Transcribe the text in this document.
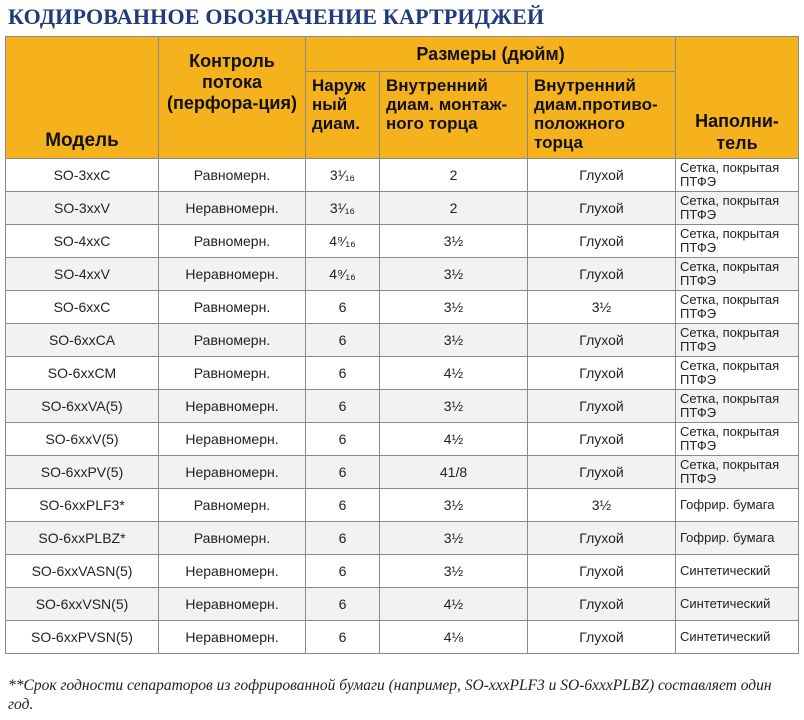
КОДИРОВАННОЕ ОБОЗНАЧЕНИЕ КАРТРИДЖЕЙ
Модель	Контроль потока (перфора-ция)	Размеры (дюйм)			Наполни-тель
		Наруж ный диам.	Внутренний диам. монтаж-ного торца	Внутренний диам.противо-положного торца	
SO-3xxC	Равномерн.	3¹⁄₁₆	2	Глухой	Сетка, покрытая ПТФЭ
SO-3xxV	Неравномерн.	3¹⁄₁₆	2	Глухой	Сетка, покрытая ПТФЭ
SO-4xxC	Равномерн.	4⁹⁄₁₆	3½	Глухой	Сетка, покрытая ПТФЭ
SO-4xxV	Неравномерн.	4⁹⁄₁₆	3½	Глухой	Сетка, покрытая ПТФЭ
SO-6xxC	Равномерн.	6	3½	3½	Сетка, покрытая ПТФЭ
SO-6xxCA	Равномерн.	6	3½	Глухой	Сетка, покрытая ПТФЭ
SO-6xxCM	Равномерн.	6	4½	Глухой	Сетка, покрытая ПТФЭ
SO-6xxVA(5)	Неравномерн.	6	3½	Глухой	Сетка, покрытая ПТФЭ
SO-6xxV(5)	Неравномерн.	6	4½	Глухой	Сетка, покрытая ПТФЭ
SO-6xxPV(5)	Неравномерн.	6	41/8	Глухой	Сетка, покрытая ПТФЭ
SO-6xxPLF3*	Равномерн.	6	3½	3½	Гофрир. бумага
SO-6xxPLBZ*	Равномерн.	6	3½	Глухой	Гофрир. бумага
SO-6xxVASN(5)	Неравномерн.	6	3½	Глухой	Синтетический
SO-6xxVSN(5)	Неравномерн.	6	4½	Глухой	Синтетический
SO-6xxPVSN(5)	Неравномерн.	6	4⅛	Глухой	Синтетический
**Срок годности сепараторов из гофрированной бумаги (например, SO-xxxPLF3 и SO-6xxxPLBZ) составляет один год.
